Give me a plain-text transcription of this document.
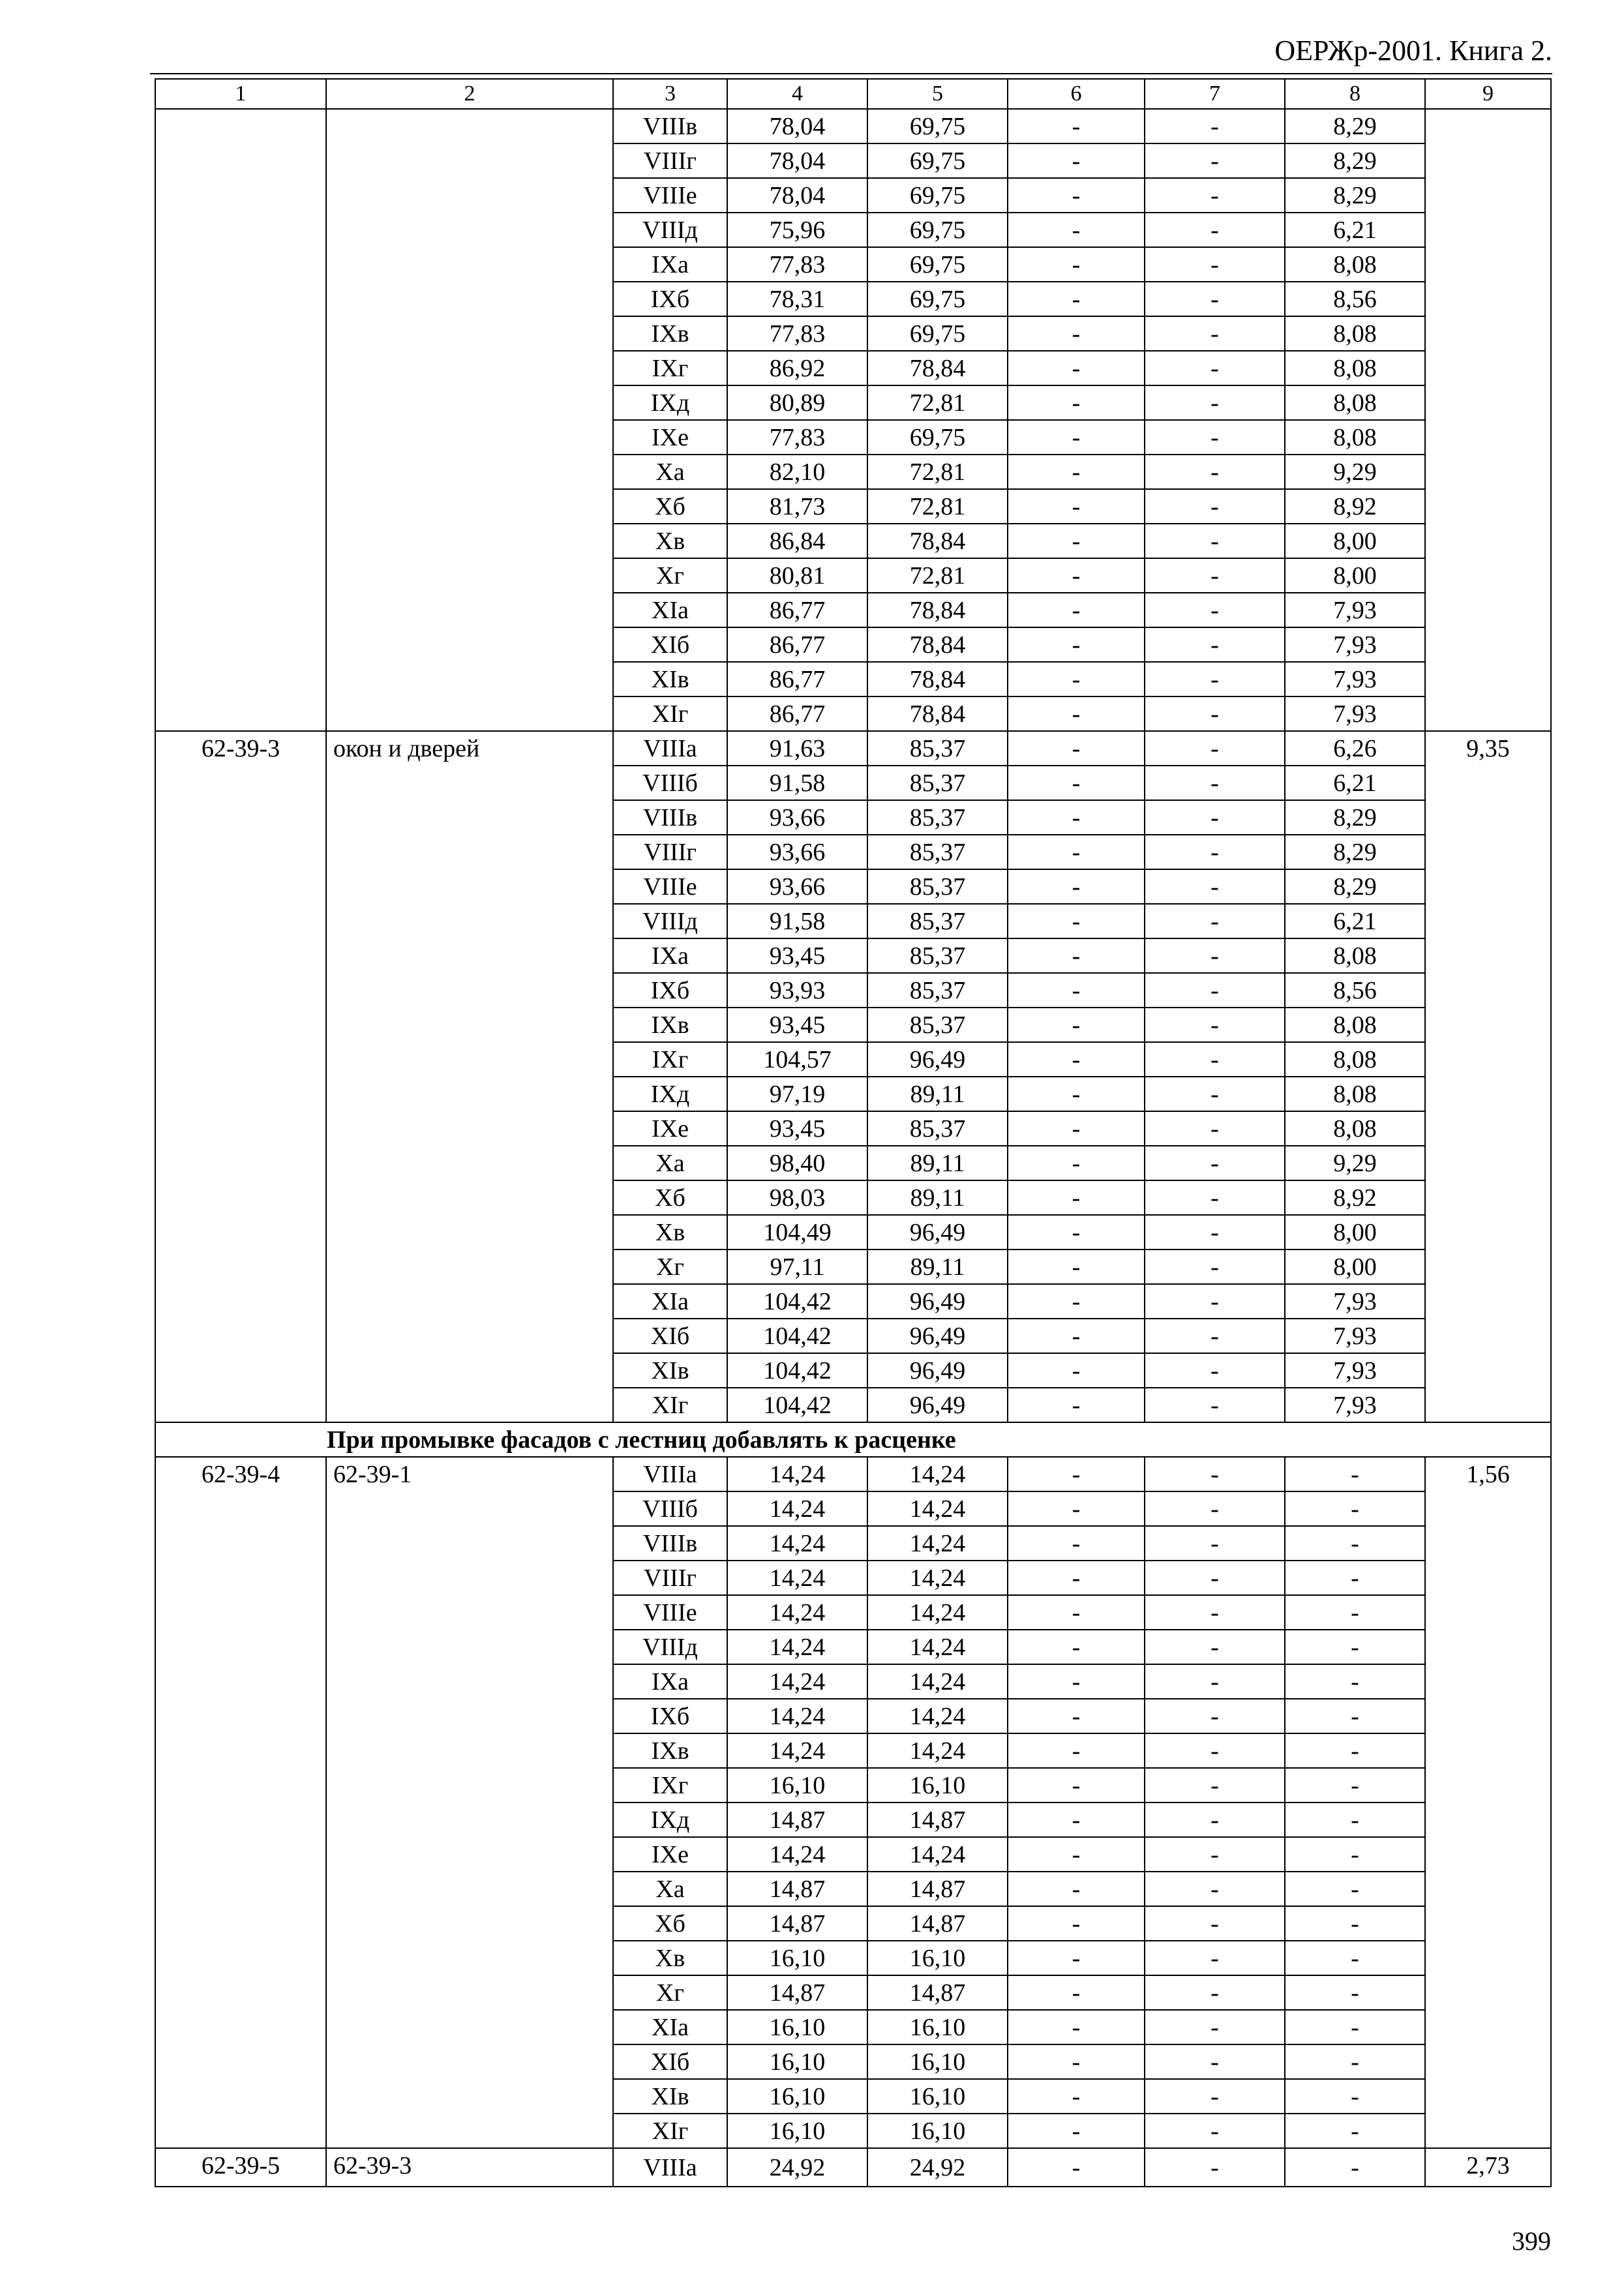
ОЕРЖр-2001. Книга 2.
1	2	3	4	5	6	7	8	9
		VIIIв	78,04	69,75	-	-	8,29	
		VIIIг	78,04	69,75	-	-	8,29	
		VIIIе	78,04	69,75	-	-	8,29	
		VIIIд	75,96	69,75	-	-	6,21	
		IXa	77,83	69,75	-	-	8,08	
		IXб	78,31	69,75	-	-	8,56	
		IXв	77,83	69,75	-	-	8,08	
		IXг	86,92	78,84	-	-	8,08	
		IXд	80,89	72,81	-	-	8,08	
		IXе	77,83	69,75	-	-	8,08	
		Xa	82,10	72,81	-	-	9,29	
		Xб	81,73	72,81	-	-	8,92	
		Xв	86,84	78,84	-	-	8,00	
		Xг	80,81	72,81	-	-	8,00	
		XIa	86,77	78,84	-	-	7,93	
		XIб	86,77	78,84	-	-	7,93	
		XIв	86,77	78,84	-	-	7,93	
		XIг	86,77	78,84	-	-	7,93	
62-39-3	окон и дверей	VIIIa	91,63	85,37	-	-	6,26	9,35
		VIIIб	91,58	85,37	-	-	6,21	
		VIIIв	93,66	85,37	-	-	8,29	
		VIIIг	93,66	85,37	-	-	8,29	
		VIIIе	93,66	85,37	-	-	8,29	
		VIIIд	91,58	85,37	-	-	6,21	
		IXa	93,45	85,37	-	-	8,08	
		IXб	93,93	85,37	-	-	8,56	
		IXв	93,45	85,37	-	-	8,08	
		IXг	104,57	96,49	-	-	8,08	
		IXд	97,19	89,11	-	-	8,08	
		IXе	93,45	85,37	-	-	8,08	
		Xa	98,40	89,11	-	-	9,29	
		Xб	98,03	89,11	-	-	8,92	
		Xв	104,49	96,49	-	-	8,00	
		Xг	97,11	89,11	-	-	8,00	
		XIa	104,42	96,49	-	-	7,93	
		XIб	104,42	96,49	-	-	7,93	
		XIв	104,42	96,49	-	-	7,93	
		XIг	104,42	96,49	-	-	7,93	
При промывке фасадов с лестниц добавлять к расценке								
62-39-4	62-39-1	VIIIa	14,24	14,24	-	-	-	1,56
		VIIIб	14,24	14,24	-	-	-	
		VIIIв	14,24	14,24	-	-	-	
		VIIIг	14,24	14,24	-	-	-	
		VIIIе	14,24	14,24	-	-	-	
		VIIIд	14,24	14,24	-	-	-	
		IXa	14,24	14,24	-	-	-	
		IXб	14,24	14,24	-	-	-	
		IXв	14,24	14,24	-	-	-	
		IXг	16,10	16,10	-	-	-	
		IXд	14,87	14,87	-	-	-	
		IXе	14,24	14,24	-	-	-	
		Xa	14,87	14,87	-	-	-	
		Xб	14,87	14,87	-	-	-	
		Xв	16,10	16,10	-	-	-	
		Xг	14,87	14,87	-	-	-	
		XIa	16,10	16,10	-	-	-	
		XIб	16,10	16,10	-	-	-	
		XIв	16,10	16,10	-	-	-	
		XIг	16,10	16,10	-	-	-	
62-39-5	62-39-3	VIIIa	24,92	24,92	-	-	-	2,73
399
